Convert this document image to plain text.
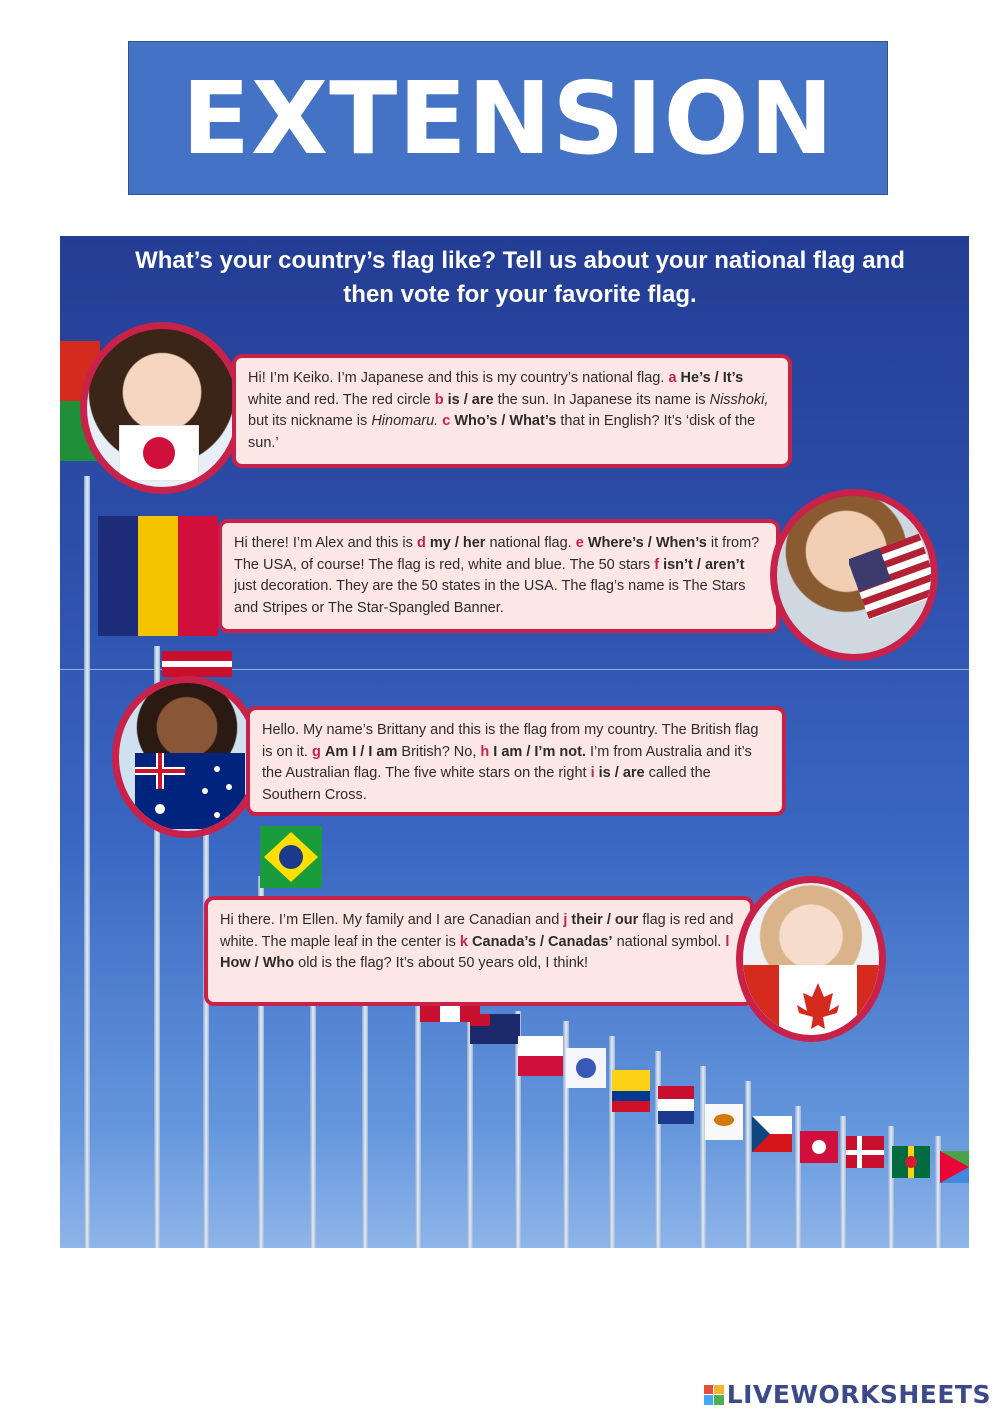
EXTENSION
What’s your country’s flag like? Tell us about your national flag and then vote for your favorite flag.
Hi! I’m Keiko. I’m Japanese and this is my country’s national flag. a He’s / It’s white and red. The red circle b is / are the sun. In Japanese its name is Nisshoki, but its nickname is Hinomaru. c Who’s / What’s that in English? It’s ‘disk of the sun.’
Hi there! I’m Alex and this is d my / her national flag. e Where’s / When’s it from? The USA, of course! The flag is red, white and blue. The 50 stars f isn’t / aren’t just decoration. They are the 50 states in the USA. The flag’s name is The Stars and Stripes or The Star-Spangled Banner.
Hello. My name’s Brittany and this is the flag from my country. The British flag is on it. g Am I / I am British? No, h I am / I’m not. I’m from Australia and it’s the Australian flag. The five white stars on the right i is / are called the Southern Cross.
Hi there. I’m Ellen. My family and I are Canadian and j their / our flag is red and white. The maple leaf in the center is k Canada’s / Canadas’ national symbol. l How / Who old is the flag? It’s about 50 years old, I think!
LIVEWORKSHEETS
